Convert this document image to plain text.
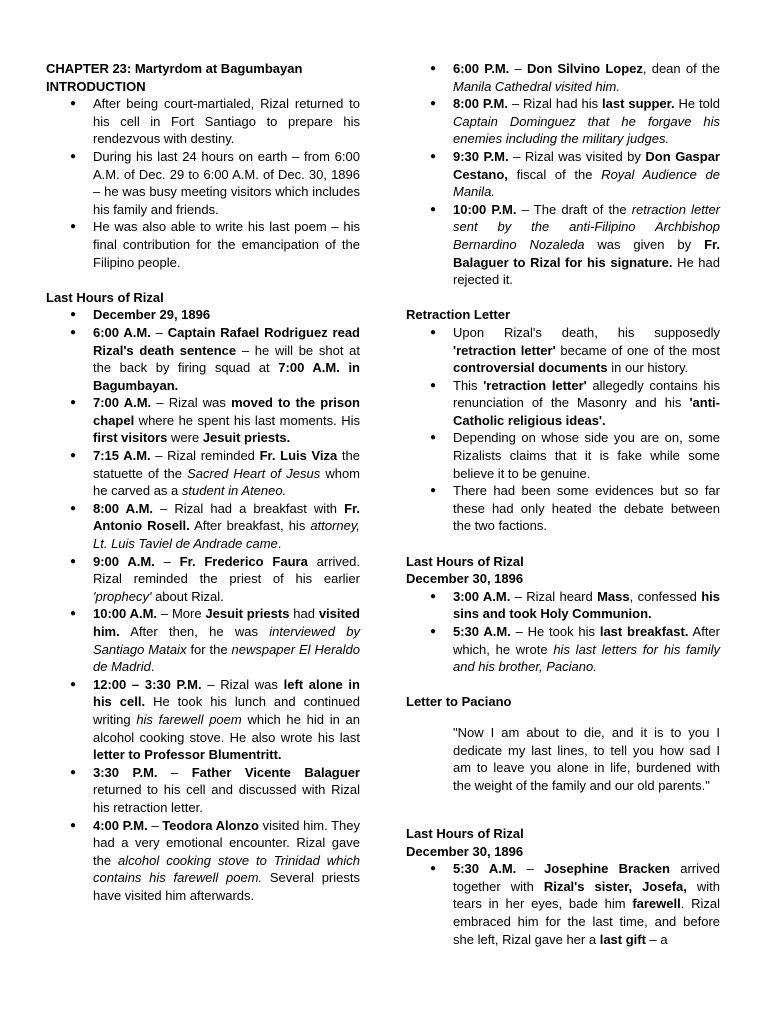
CHAPTER 23: Martyrdom at Bagumbayan

INTRODUCTION

● After being court-martialed, Rizal returned to his cell in Fort Santiago to prepare his rendezvous with destiny.
● During his last 24 hours on earth – from 6:00 A.M. of Dec. 29 to 6:00 A.M. of Dec. 30, 1896 – he was busy meeting visitors which includes his family and friends.
● He was also able to write his last poem – his final contribution for the emancipation of the Filipino people.

Last Hours of Rizal

● December 29, 1896
● 6:00 A.M. – Captain Rafael Rodriguez read Rizal's death sentence – he will be shot at the back by firing squad at 7:00 A.M. in Bagumbayan.
● 7:00 A.M. – Rizal was moved to the prison chapel where he spent his last moments. His first visitors were Jesuit priests.
● 7:15 A.M. – Rizal reminded Fr. Luis Viza the statuette of the Sacred Heart of Jesus whom he carved as a student in Ateneo.
● 8:00 A.M. – Rizal had a breakfast with Fr. Antonio Rosell. After breakfast, his attorney, Lt. Luis Taviel de Andrade came.
● 9:00 A.M. – Fr. Frederico Faura arrived. Rizal reminded the priest of his earlier 'prophecy' about Rizal.
● 10:00 A.M. – More Jesuit priests had visited him. After then, he was interviewed by Santiago Mataix for the newspaper El Heraldo de Madrid.
● 12:00 – 3:30 P.M. – Rizal was left alone in his cell. He took his lunch and continued writing his farewell poem which he hid in an alcohol cooking stove. He also wrote his last letter to Professor Blumentritt.
● 3:30 P.M. – Father Vicente Balaguer returned to his cell and discussed with Rizal his retraction letter.
● 4:00 P.M. – Teodora Alonzo visited him. They had a very emotional encounter. Rizal gave the alcohol cooking stove to Trinidad which contains his farewell poem. Several priests have visited him afterwards.
● 6:00 P.M. – Don Silvino Lopez, dean of the Manila Cathedral visited him.
● 8:00 P.M. – Rizal had his last supper. He told Captain Dominguez that he forgave his enemies including the military judges.
● 9:30 P.M. – Rizal was visited by Don Gaspar Cestano, fiscal of the Royal Audience de Manila.
● 10:00 P.M. – The draft of the retraction letter sent by the anti-Filipino Archbishop Bernardino Nozaleda was given by Fr. Balaguer to Rizal for his signature. He had rejected it.

Retraction Letter

● Upon Rizal's death, his supposedly 'retraction letter' became of one of the most controversial documents in our history.
● This 'retraction letter' allegedly contains his renunciation of the Masonry and his 'anti-Catholic religious ideas'.
● Depending on whose side you are on, some Rizalists claims that it is fake while some believe it to be genuine.
● There had been some evidences but so far these had only heated the debate between the two factions.

Last Hours of Rizal

December 30, 1896

● 3:00 A.M. – Rizal heard Mass, confessed his sins and took Holy Communion.
● 5:30 A.M. – He took his last breakfast. After which, he wrote his last letters for his family and his brother, Paciano.

Letter to Paciano

"Now I am about to die, and it is to you I dedicate my last lines, to tell you how sad I am to leave you alone in life, burdened with the weight of the family and our old parents."

Last Hours of Rizal

December 30, 1896

● 5:30 A.M. – Josephine Bracken arrived together with Rizal's sister, Josefa, with tears in her eyes, bade him farewell. Rizal embraced him for the last time, and before she left, Rizal gave her a last gift – a
